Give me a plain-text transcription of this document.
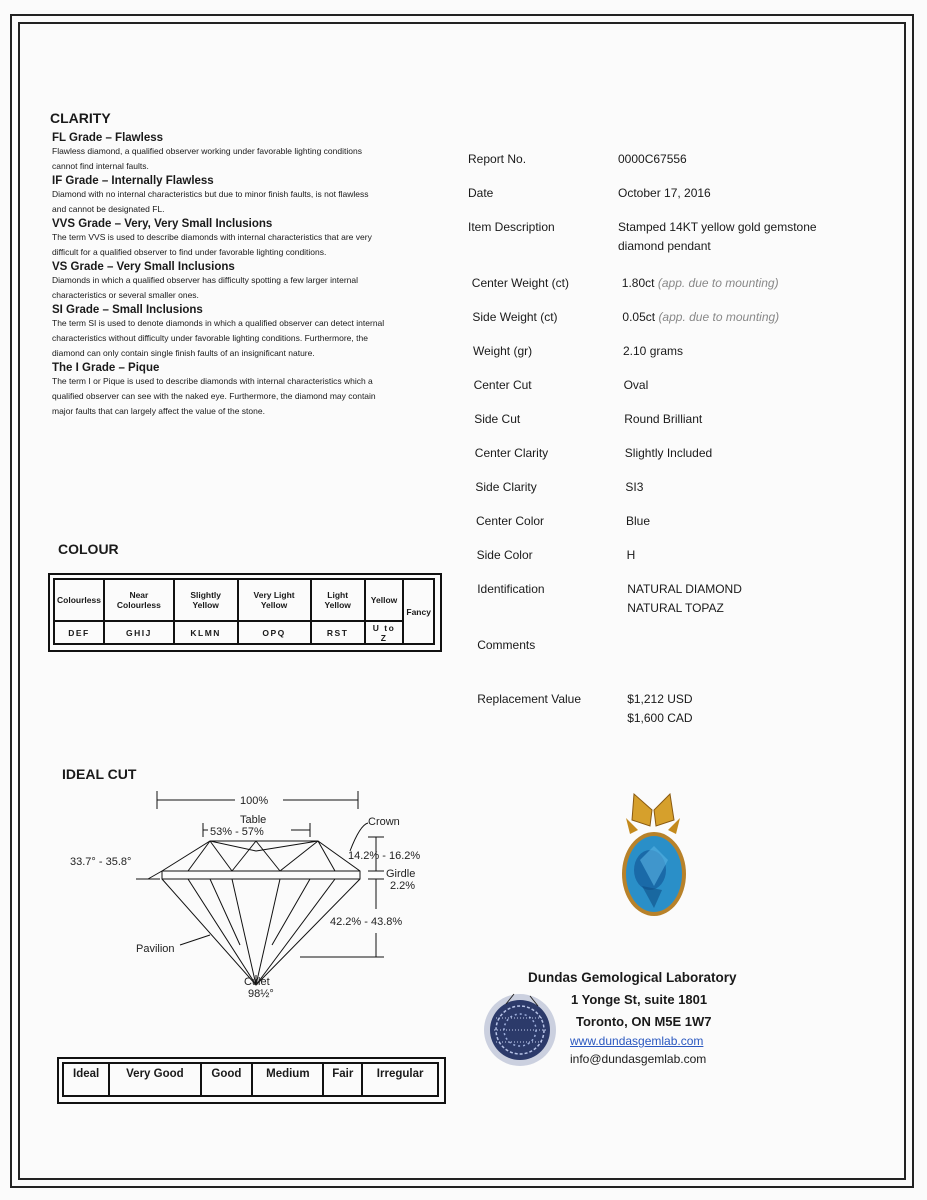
CLARITY
FL Grade – Flawless
Flawless diamond, a qualified observer working under favorable lighting conditions
cannot find internal faults.
IF Grade – Internally Flawless
Diamond with no internal characteristics but due to minor finish faults, is not flawless
and cannot be designated FL.
VVS Grade – Very, Very Small Inclusions
The term VVS is used to describe diamonds with internal characteristics that are very
difficult for a qualified observer to find under favorable lighting conditions.
VS Grade – Very Small Inclusions
Diamonds in which a qualified observer has difficulty spotting a few larger internal
characteristics or several smaller ones.
SI Grade – Small Inclusions
The term SI is used to denote diamonds in which a qualified observer can detect internal
characteristics without difficulty under favorable lighting conditions. Furthermore, the
diamond can only contain single finish faults of an insignificant nature.
The I Grade – Pique
The term I or Pique is used to describe diamonds with internal characteristics which a
qualified observer can see with the naked eye. Furthermore, the diamond may contain
major faults that can largely affect the value of the stone.
COLOUR
Colourless	Near Colourless	Slightly Yellow	Very Light Yellow	Light Yellow	Yellow	Fancy
DEF	GHIJ	KLMN	OPQ	RST	U to Z	
IDEAL CUT
100%
Table
53% - 57%
Crown
33.7° - 35.8°	14.2% - 16.2%
Girdle
2.2%
42.2% - 43.8%
Pavilion
Culet
98½°
Ideal	Very Good	Good	Medium	Fair	Irregular
Report No.	0000C67556
Date	October 17, 2016
Item Description	Stamped 14KT yellow gold gemstone
diamond pendant
Center Weight (ct)	1.80ct (app. due to mounting)
Side Weight (ct)	0.05ct (app. due to mounting)
Weight (gr)	2.10 grams
Center Cut	Oval
Side Cut	Round Brilliant
Center Clarity	Slightly Included
Side Clarity	SI3
Center Color	Blue
Side Color	H
Identification	NATURAL DIAMOND
NATURAL TOPAZ
Comments
Replacement Value	$1,212 USD
$1,600 CAD
Dundas Gemological Laboratory
1 Yonge St, suite 1801
Toronto, ON M5E 1W7
www.dundasgemlab.com
info@dundasgemlab.com
